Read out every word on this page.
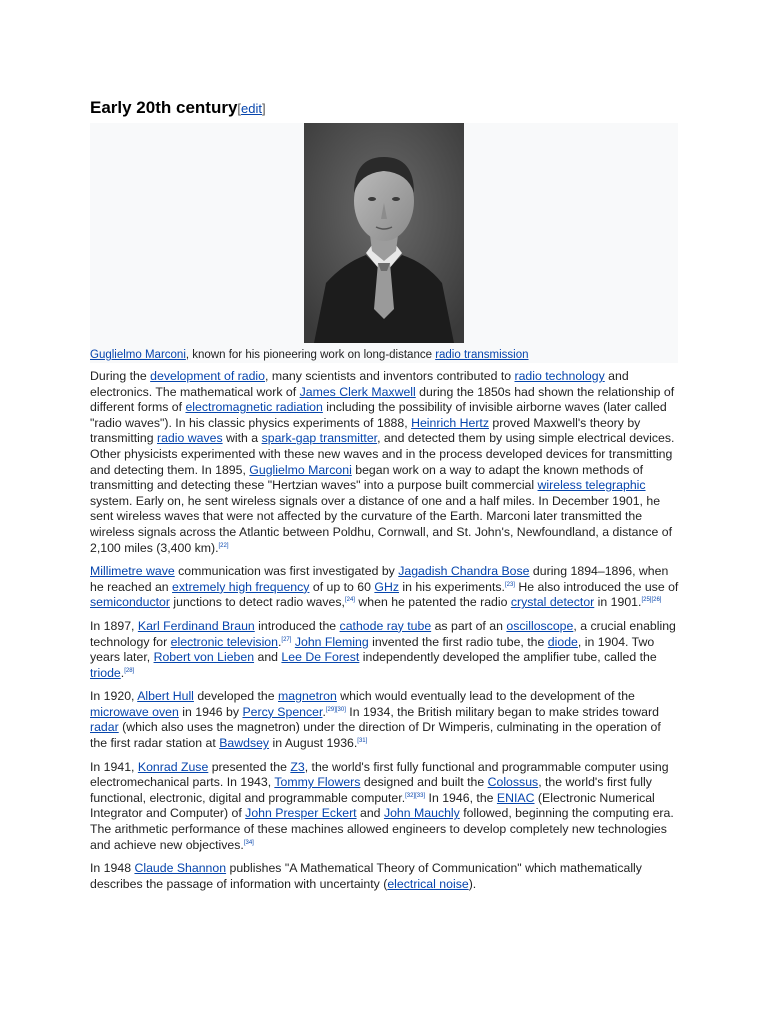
Early 20th century[edit]
Guglielmo Marconi, known for his pioneering work on long-distance radio transmission

During the development of radio, many scientists and inventors contributed to radio technology and electronics. The mathematical work of James Clerk Maxwell during the 1850s had shown the relationship of different forms of electromagnetic radiation including the possibility of invisible airborne waves (later called "radio waves"). In his classic physics experiments of 1888, Heinrich Hertz proved Maxwell's theory by transmitting radio waves with a spark-gap transmitter, and detected them by using simple electrical devices. Other physicists experimented with these new waves and in the process developed devices for transmitting and detecting them. In 1895, Guglielmo Marconi began work on a way to adapt the known methods of transmitting and detecting these "Hertzian waves" into a purpose built commercial wireless telegraphic system. Early on, he sent wireless signals over a distance of one and a half miles. In December 1901, he sent wireless waves that were not affected by the curvature of the Earth. Marconi later transmitted the wireless signals across the Atlantic between Poldhu, Cornwall, and St. John's, Newfoundland, a distance of 2,100 miles (3,400 km).[22]

Millimetre wave communication was first investigated by Jagadish Chandra Bose during 1894–1896, when he reached an extremely high frequency of up to 60 GHz in his experiments.[23] He also introduced the use of semiconductor junctions to detect radio waves,[24] when he patented the radio crystal detector in 1901.[25][26]

In 1897, Karl Ferdinand Braun introduced the cathode ray tube as part of an oscilloscope, a crucial enabling technology for electronic television.[27] John Fleming invented the first radio tube, the diode, in 1904. Two years later, Robert von Lieben and Lee De Forest independently developed the amplifier tube, called the triode.[28]

In 1920, Albert Hull developed the magnetron which would eventually lead to the development of the microwave oven in 1946 by Percy Spencer.[29][30] In 1934, the British military began to make strides toward radar (which also uses the magnetron) under the direction of Dr Wimperis, culminating in the operation of the first radar station at Bawdsey in August 1936.[31]

In 1941, Konrad Zuse presented the Z3, the world's first fully functional and programmable computer using electromechanical parts. In 1943, Tommy Flowers designed and built the Colossus, the world's first fully functional, electronic, digital and programmable computer.[32][33] In 1946, the ENIAC (Electronic Numerical Integrator and Computer) of John Presper Eckert and John Mauchly followed, beginning the computing era. The arithmetic performance of these machines allowed engineers to develop completely new technologies and achieve new objectives.[34]

In 1948 Claude Shannon publishes "A Mathematical Theory of Communication" which mathematically describes the passage of information with uncertainty (electrical noise).
